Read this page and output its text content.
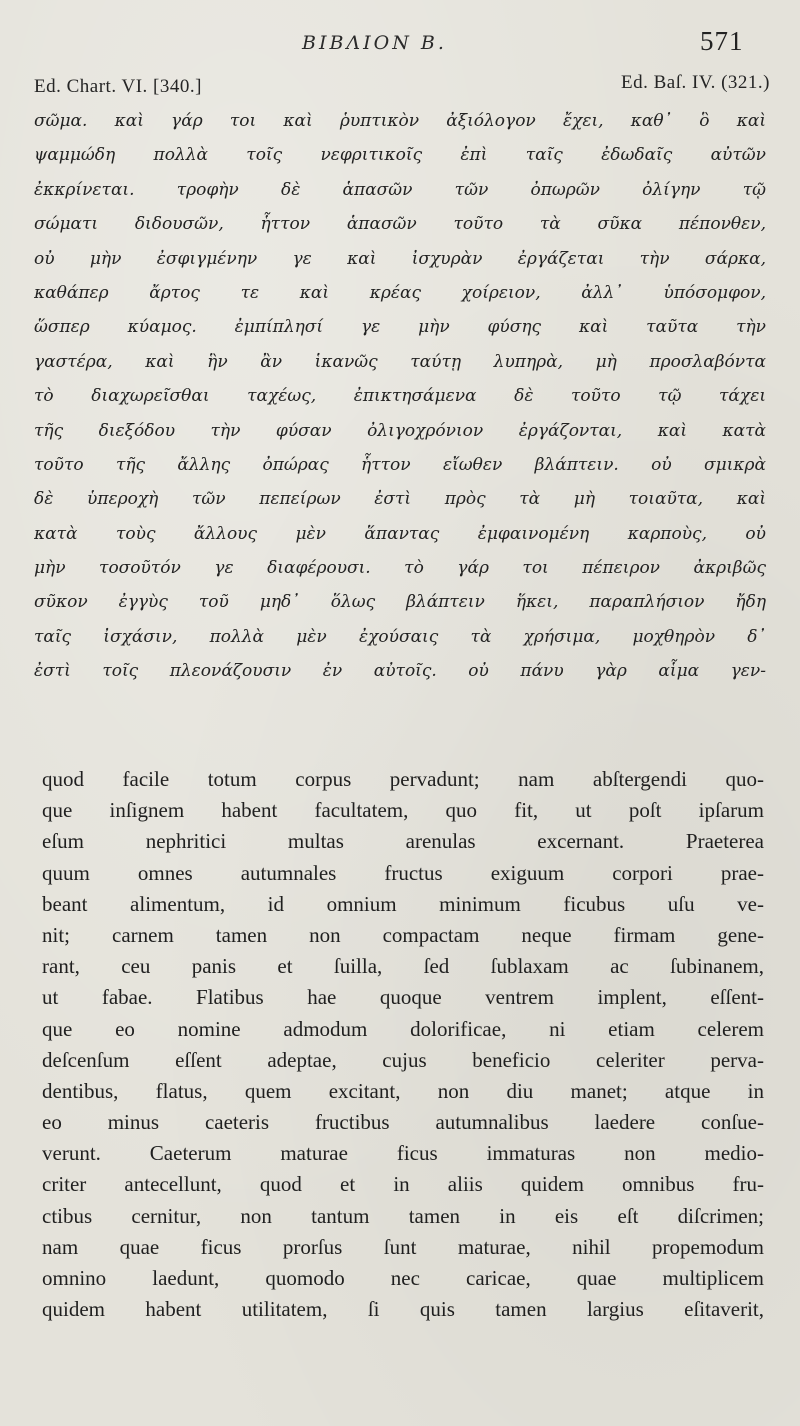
BIBΛΙΟΝ B.	571
Ed. Chart. VI. [340.]	Ed. Baſ. IV. (321.)
σῶμα. καὶ γάρ τοι καὶ ῥυπτικὸν ἀξιόλογον ἔχει, καθ᾿ ὃ καὶ
ψαμμώδη πολλὰ τοῖς νεφριτικοῖς ἐπὶ ταῖς ἐδωδαῖς αὐτῶν
ἐκκρίνεται. τροφὴν δὲ ἁπασῶν τῶν ὀπωρῶν ὀλίγην τῷ
σώματι διδουσῶν, ἧττον ἁπασῶν τοῦτο τὰ σῦκα πέπονθεν,
οὐ μὴν ἐσφιγμένην γε καὶ ἰσχυρὰν ἐργάζεται τὴν σάρκα,
καθάπερ ἄρτος τε καὶ κρέας χοίρειον, ἀλλ᾿ ὑπόσομφον,
ὥσπερ κύαμος. ἐμπίπλησί γε μὴν φύσης καὶ ταῦτα τὴν
γαστέρα, καὶ ἣν ἂν ἱκανῶς ταύτῃ λυπηρὰ, μὴ προσλαβόντα
τὸ διαχωρεῖσθαι ταχέως, ἐπικτησάμενα δὲ τοῦτο τῷ τάχει
τῆς διεξόδου τὴν φύσαν ὀλιγοχρόνιον ἐργάζονται, καὶ κατὰ
τοῦτο τῆς ἄλλης ὀπώρας ἧττον εἴωθεν βλάπτειν. οὐ σμικρὰ
δὲ ὑπεροχὴ τῶν πεπείρων ἐστὶ πρὸς τὰ μὴ τοιαῦτα, καὶ
κατὰ τοὺς ἄλλους μὲν ἅπαντας ἐμφαινομένη καρποὺς, οὐ
μὴν τοσοῦτόν γε διαφέρουσι. τὸ γάρ τοι πέπειρον ἀκριβῶς
σῦκον ἐγγὺς τοῦ μηδ᾿ ὅλως βλάπτειν ἥκει, παραπλήσιον ἤδη
ταῖς ἰσχάσιν, πολλὰ μὲν ἐχούσαις τὰ χρήσιμα, μοχθηρὸν δ᾿
ἐστὶ τοῖς πλεονάζουσιν ἐν αὐτοῖς. οὐ πάνυ γὰρ αἷμα γεν-
quod facile totum corpus pervadunt; nam abſtergendi quo-
que inſignem habent facultatem, quo fit, ut poſt ipſarum
eſum nephritici multas arenulas excernant. Praeterea
quum omnes autumnales fructus exiguum corpori prae-
beant alimentum, id omnium minimum ficubus uſu ve-
nit; carnem tamen non compactam neque firmam gene-
rant, ceu panis et ſuilla, ſed ſublaxam ac ſubinanem,
ut fabae. Flatibus hae quoque ventrem implent, eſſent-
que eo nomine admodum dolorificae, ni etiam celerem
deſcenſum eſſent adeptae, cujus beneficio celeriter perva-
dentibus, flatus, quem excitant, non diu manet; atque in
eo minus caeteris fructibus autumnalibus laedere conſue-
verunt. Caeterum maturae ficus immaturas non medio-
criter antecellunt, quod et in aliis quidem omnibus fru-
ctibus cernitur, non tantum tamen in eis eſt diſcrimen;
nam quae ficus prorſus ſunt maturae, nihil propemodum
omnino laedunt, quomodo nec caricae, quae multiplicem
quidem habent utilitatem, ſi quis tamen largius eſitaverit,
